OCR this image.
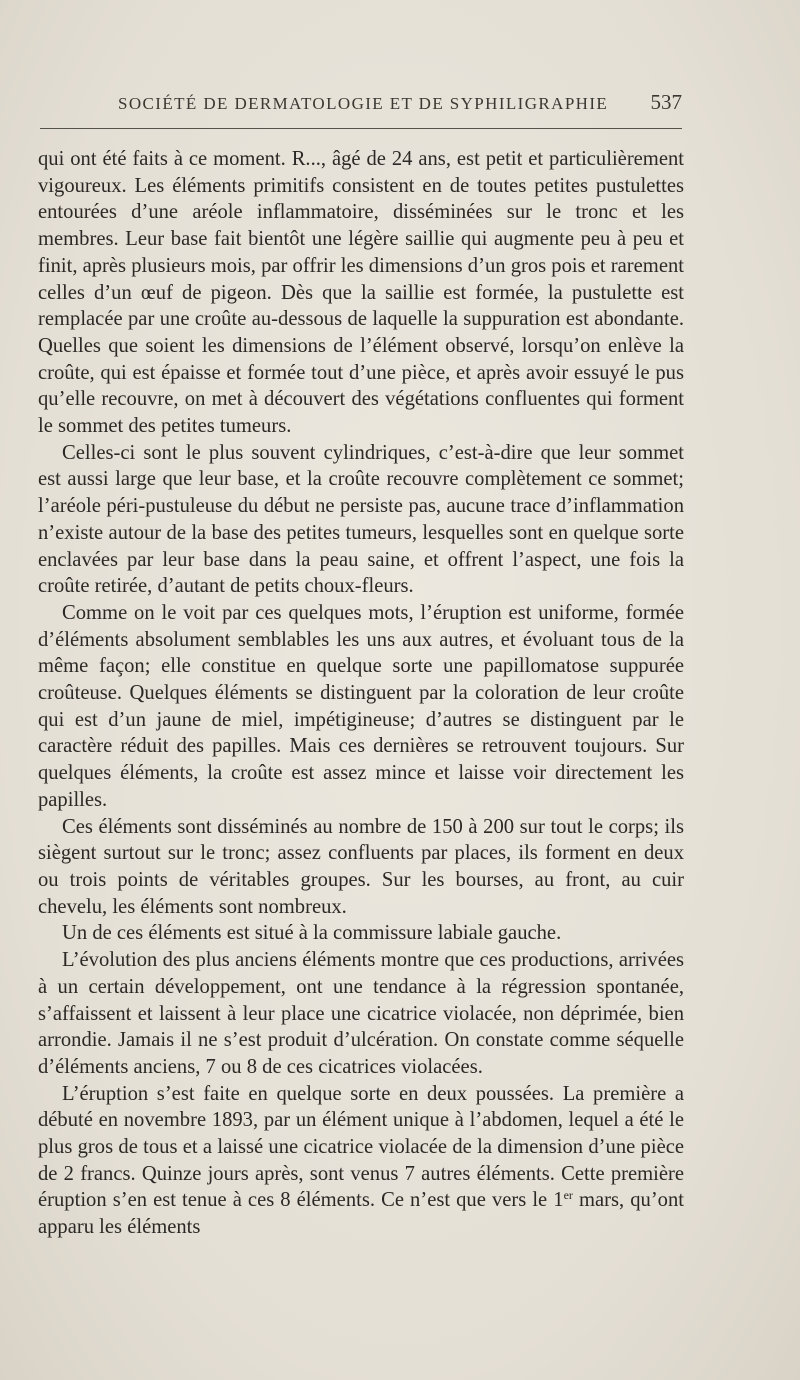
SOCIÉTÉ DE DERMATOLOGIE ET DE SYPHILIGRAPHIE 537

qui ont été faits à ce moment. R..., âgé de 24 ans, est petit et particulièrement vigoureux. Les éléments primitifs consistent en de toutes petites pustulettes entourées d’une aréole inflammatoire, disséminées sur le tronc et les membres. Leur base fait bientôt une légère saillie qui augmente peu à peu et finit, après plusieurs mois, par offrir les dimensions d’un gros pois et rarement celles d’un œuf de pigeon. Dès que la saillie est formée, la pustulette est remplacée par une croûte au-dessous de laquelle la suppuration est abondante. Quelles que soient les dimensions de l’élément observé, lorsqu’on enlève la croûte, qui est épaisse et formée tout d’une pièce, et après avoir essuyé le pus qu’elle recouvre, on met à découvert des végétations confluentes qui forment le sommet des petites tumeurs.

Celles-ci sont le plus souvent cylindriques, c’est-à-dire que leur sommet est aussi large que leur base, et la croûte recouvre complètement ce sommet; l’aréole péri-pustuleuse du début ne persiste pas, aucune trace d’inflammation n’existe autour de la base des petites tumeurs, lesquelles sont en quelque sorte enclavées par leur base dans la peau saine, et offrent l’aspect, une fois la croûte retirée, d’autant de petits choux-fleurs.

Comme on le voit par ces quelques mots, l’éruption est uniforme, formée d’éléments absolument semblables les uns aux autres, et évoluant tous de la même façon; elle constitue en quelque sorte une papillomatose suppurée croûteuse. Quelques éléments se distinguent par la coloration de leur croûte qui est d’un jaune de miel, impétigineuse; d’autres se distinguent par le caractère réduit des papilles. Mais ces dernières se retrouvent toujours. Sur quelques éléments, la croûte est assez mince et laisse voir directement les papilles.

Ces éléments sont disséminés au nombre de 150 à 200 sur tout le corps; ils siègent surtout sur le tronc; assez confluents par places, ils forment en deux ou trois points de véritables groupes. Sur les bourses, au front, au cuir chevelu, les éléments sont nombreux.

Un de ces éléments est situé à la commissure labiale gauche.

L’évolution des plus anciens éléments montre que ces productions, arrivées à un certain développement, ont une tendance à la régression spontanée, s’affaissent et laissent à leur place une cicatrice violacée, non déprimée, bien arrondie. Jamais il ne s’est produit d’ulcération. On constate comme séquelle d’éléments anciens, 7 ou 8 de ces cicatrices violacées.

L’éruption s’est faite en quelque sorte en deux poussées. La première a débuté en novembre 1893, par un élément unique à l’abdomen, lequel a été le plus gros de tous et a laissé une cicatrice violacée de la dimension d’une pièce de 2 francs. Quinze jours après, sont venus 7 autres éléments. Cette première éruption s’en est tenue à ces 8 éléments. Ce n’est que vers le 1er mars, qu’ont apparu les éléments
